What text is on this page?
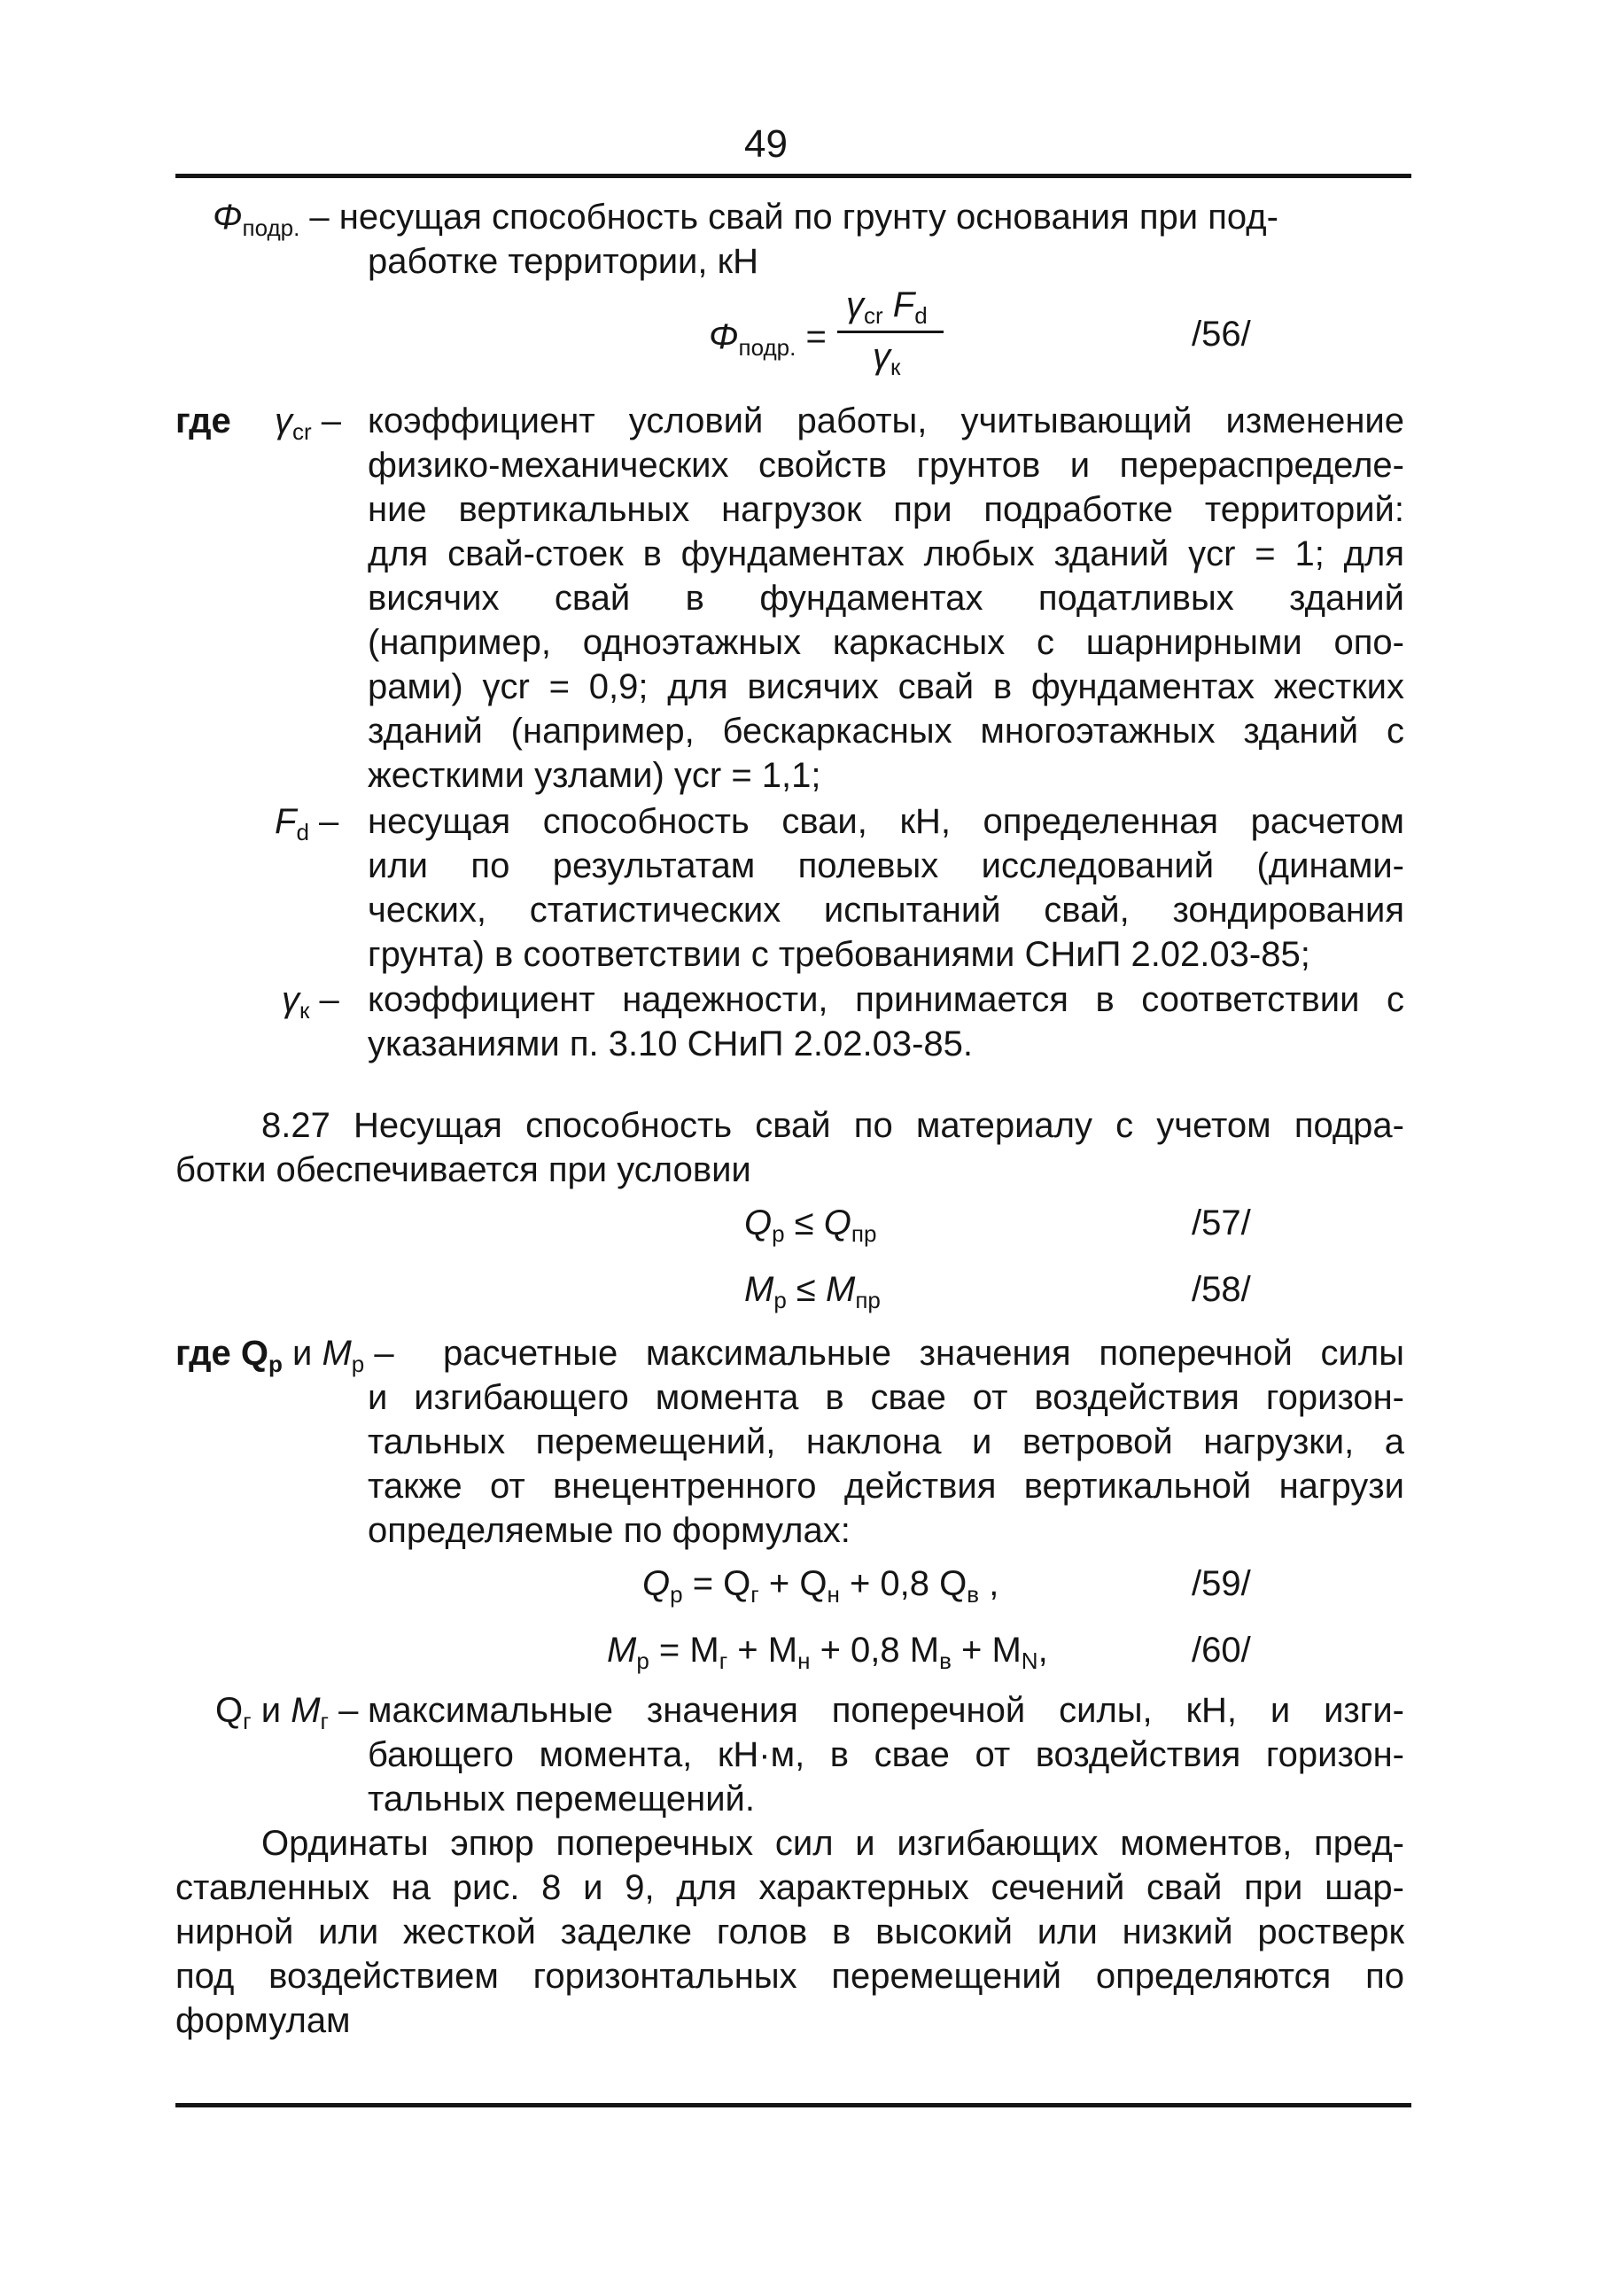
49
$\Phi_{подр.}$ – несущая способность свай по грунту основания при под-
работке территории, кН
$\Phi_{подр.}$ =
$\gamma_{cr}$ $F_d$
$\gamma_к$
/56/
где $\gamma_{cr}$ – коэффициент условий работы, учитывающий изменение
физико-механических свойств грунтов и перераспределе-
ние вертикальных нагрузок при подработке территорий:
для свай-стоек в фундаментах любых зданий γcr = 1; для
висячих свай в фундаментах податливых зданий
(например, одноэтажных каркасных с шарнирными опо-
рами) γcr = 0,9; для висячих свай в фундаментах жестких
зданий (например, бескаркасных многоэтажных зданий с
жесткими узлами) γcr = 1,1;
$F_d$ – несущая способность сваи, кН, определенная расчетом
или по результатам полевых исследований (динами-
ческих, статистических испытаний свай, зондирования
грунта) в соответствии с требованиями СНиП 2.02.03-85;
$\gamma_к$ – коэффициент надежности, принимается в соответствии с
указаниями п. 3.10 СНиП 2.02.03-85.
8.27 Несущая способность свай по материалу с учетом подра-
ботки обеспечивается при условии
$Q_р \le Q_{пр}$	/57/
$M_р \le M_{пр}$	/58/
где $Q_р$ и $M_р$ – расчетные максимальные значения поперечной силы
и изгибающего момента в свае от воздействия горизон-
тальных перемещений, наклона и ветровой нагрузки, а
также от внецентренного действия вертикальной нагрузи
определяемые по формулах:
$Q_р = Q_г + Q_н + 0,8$ $Q_в$ ,	/59/
$M_р = M_г + M_н + 0,8$ $M_в + M_N$,	/60/
$Q_г$ и $M_г$ – максимальные значения поперечной силы, кН, и изги-
бающего момента, кН·м, в свае от воздействия горизон-
тальных перемещений.
Ординаты эпюр поперечных сил и изгибающих моментов, пред-
ставленных на рис. 8 и 9, для характерных сечений свай при шар-
нирной или жесткой заделке голов в высокий или низкий ростверк
под воздействием горизонтальных перемещений определяются по
формулам
